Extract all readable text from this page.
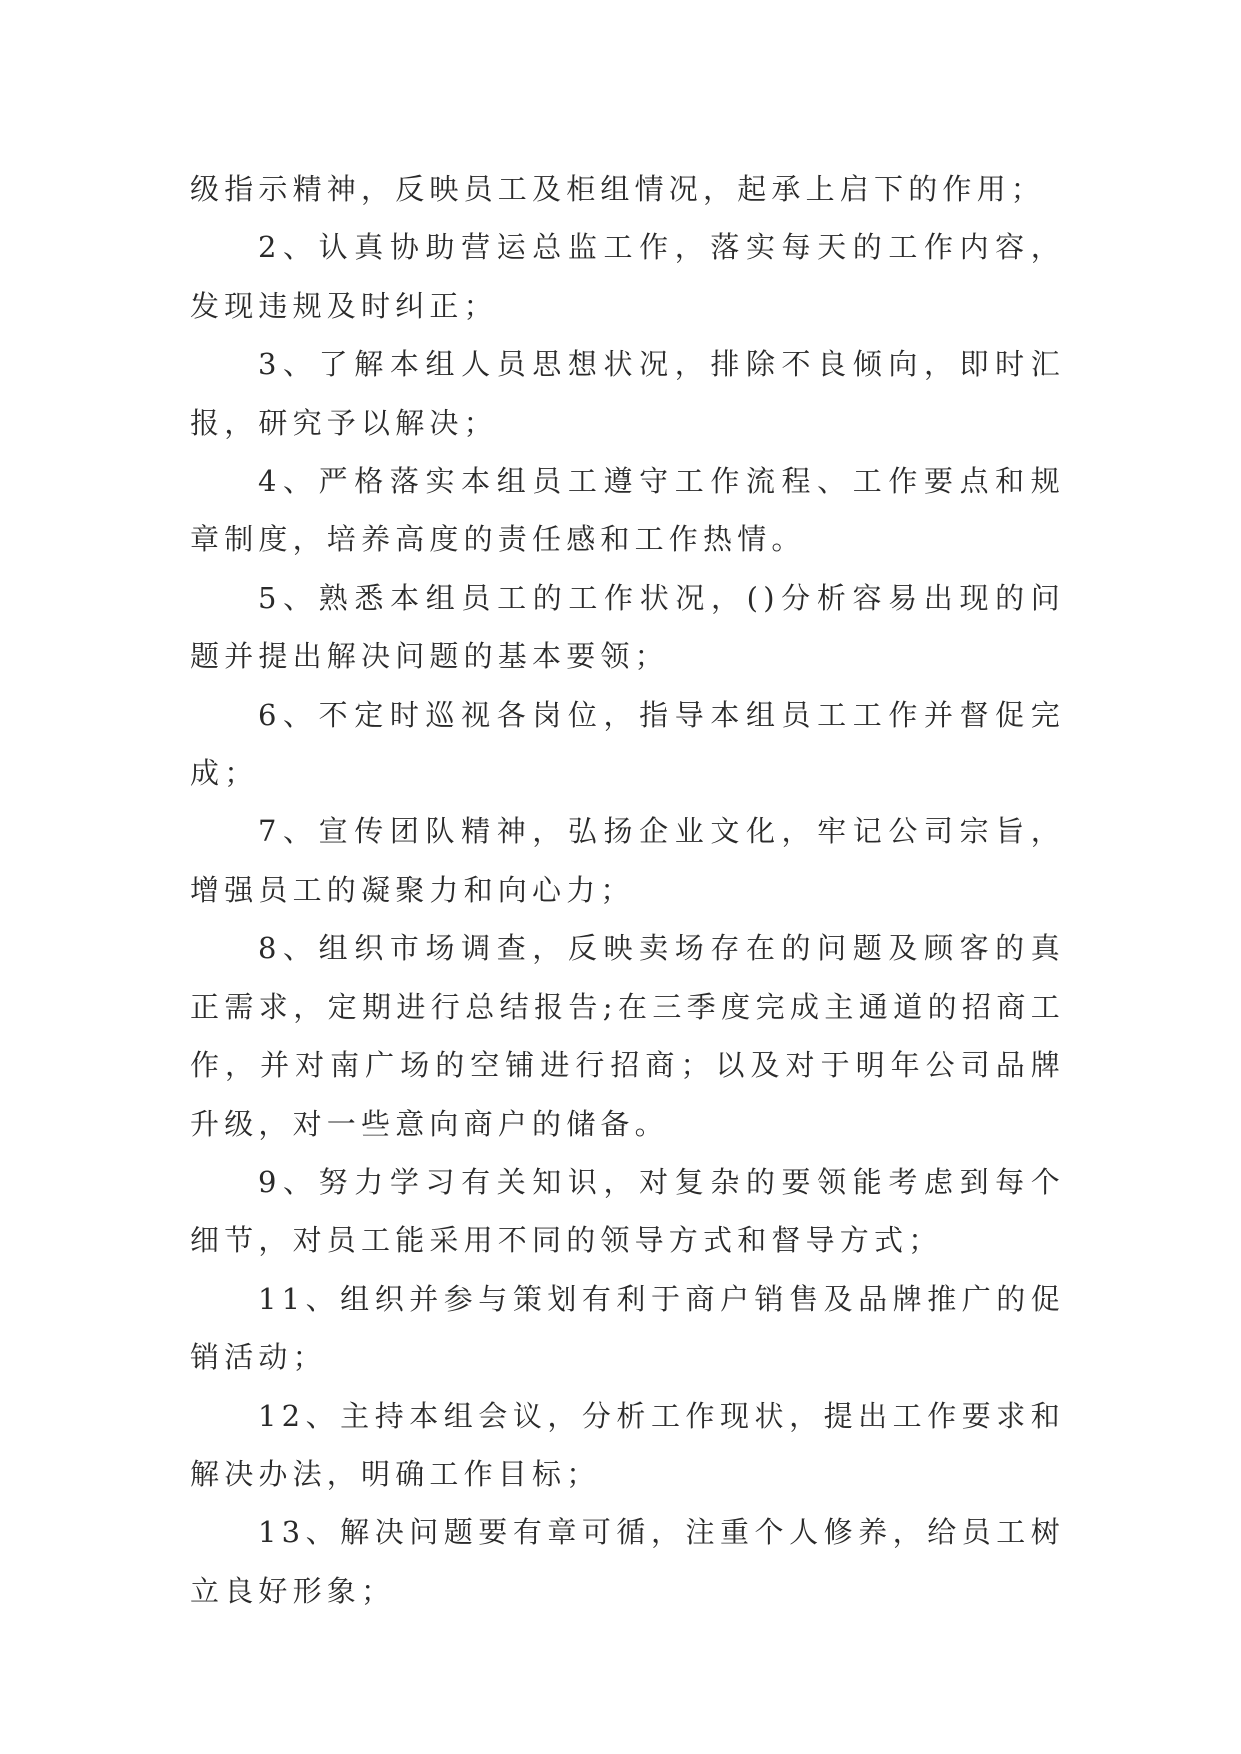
级指示精神，反映员工及柜组情况，起承上启下的作用；

2、认真协助营运总监工作，落实每天的工作内容，发现违规及时纠正；

3、了解本组人员思想状况，排除不良倾向，即时汇报，研究予以解决；

4、严格落实本组员工遵守工作流程、工作要点和规章制度，培养高度的责任感和工作热情。

5、熟悉本组员工的工作状况，()分析容易出现的问题并提出解决问题的基本要领；

6、不定时巡视各岗位，指导本组员工工作并督促完成；

7、宣传团队精神，弘扬企业文化，牢记公司宗旨，增强员工的凝聚力和向心力；

8、组织市场调查，反映卖场存在的问题及顾客的真正需求，定期进行总结报告;在三季度完成主通道的招商工作，并对南广场的空铺进行招商；以及对于明年公司品牌升级，对一些意向商户的储备。

9、努力学习有关知识，对复杂的要领能考虑到每个细节，对员工能采用不同的领导方式和督导方式；

11、组织并参与策划有利于商户销售及品牌推广的促销活动；

12、主持本组会议，分析工作现状，提出工作要求和解决办法，明确工作目标；

13、解决问题要有章可循，注重个人修养，给员工树立良好形象；
